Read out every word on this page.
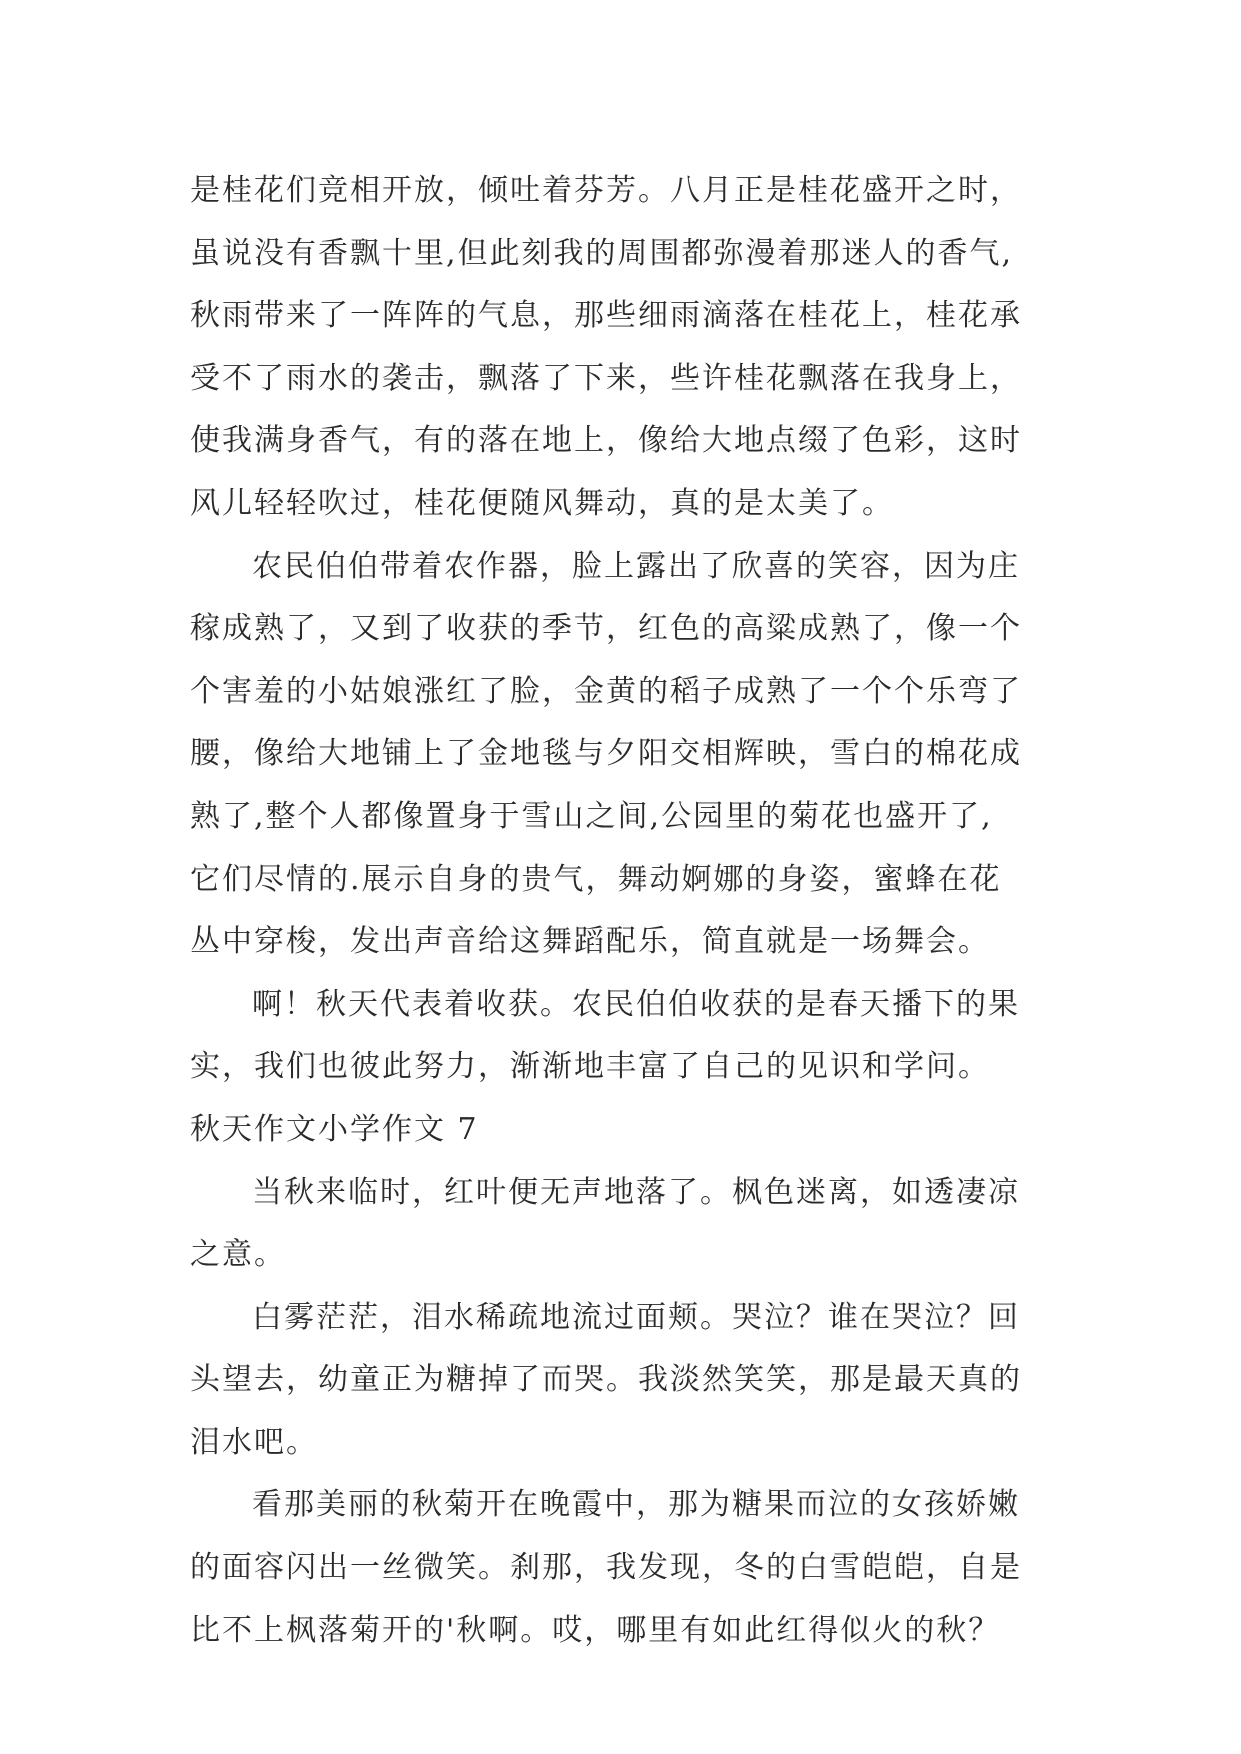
是桂花们竞相开放，倾吐着芬芳。八月正是桂花盛开之时，
虽说没有香飘十里,但此刻我的周围都弥漫着那迷人的香气,
秋雨带来了一阵阵的气息，那些细雨滴落在桂花上，桂花承
受不了雨水的袭击，飘落了下来，些许桂花飘落在我身上，
使我满身香气，有的落在地上，像给大地点缀了色彩，这时
风儿轻轻吹过，桂花便随风舞动，真的是太美了。
农民伯伯带着农作器，脸上露出了欣喜的笑容，因为庄
稼成熟了，又到了收获的季节，红色的高粱成熟了，像一个
个害羞的小姑娘涨红了脸，金黄的稻子成熟了一个个乐弯了
腰，像给大地铺上了金地毯与夕阳交相辉映，雪白的棉花成
熟了,整个人都像置身于雪山之间,公园里的菊花也盛开了,
它们尽情的.展示自身的贵气，舞动婀娜的身姿，蜜蜂在花
丛中穿梭，发出声音给这舞蹈配乐，简直就是一场舞会。
啊！秋天代表着收获。农民伯伯收获的是春天播下的果
实，我们也彼此努力，渐渐地丰富了自己的见识和学问。
秋天作文小学作文 7
当秋来临时，红叶便无声地落了。枫色迷离，如透凄凉
之意。
白雾茫茫，泪水稀疏地流过面颊。哭泣？谁在哭泣？回
头望去，幼童正为糖掉了而哭。我淡然笑笑，那是最天真的
泪水吧。
看那美丽的秋菊开在晚霞中，那为糖果而泣的女孩娇嫩
的面容闪出一丝微笑。刹那，我发现，冬的白雪皑皑，自是
比不上枫落菊开的'秋啊。哎，哪里有如此红得似火的秋？
